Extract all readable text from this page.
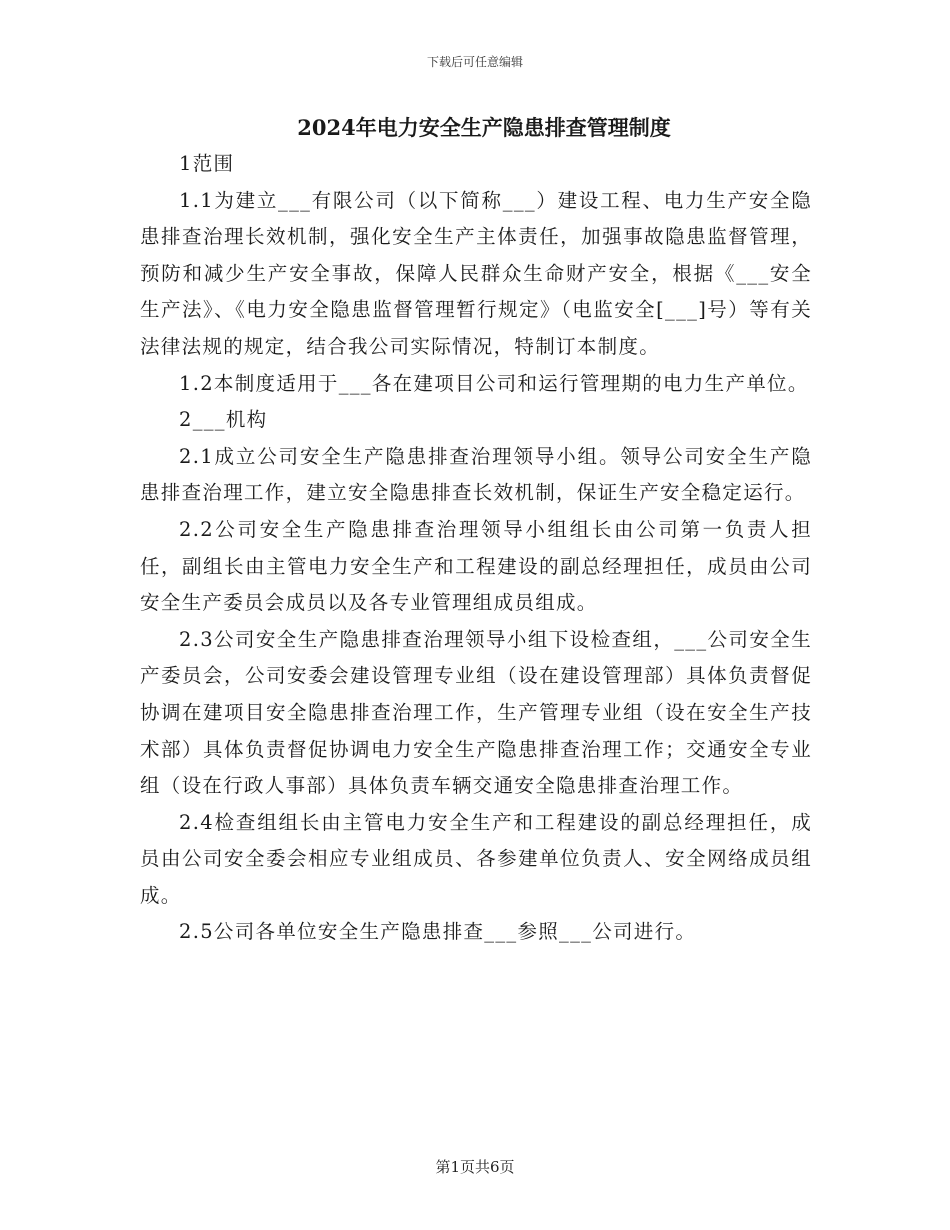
下载后可任意编辑
2024年电力安全生产隐患排查管理制度

1范围

1.1为建立___有限公司（以下简称___）建设工程、电力生产安全隐患排查治理长效机制，强化安全生产主体责任，加强事故隐患监督管理，预防和减少生产安全事故，保障人民群众生命财产安全，根据《___安全生产法》、《电力安全隐患监督管理暂行规定》（电监安全[___]号）等有关法律法规的规定，结合我公司实际情况，特制订本制度。

1.2本制度适用于___各在建项目公司和运行管理期的电力生产单位。

2___机构

2.1成立公司安全生产隐患排查治理领导小组。领导公司安全生产隐患排查治理工作，建立安全隐患排查长效机制，保证生产安全稳定运行。

2.2公司安全生产隐患排查治理领导小组组长由公司第一负责人担任，副组长由主管电力安全生产和工程建设的副总经理担任，成员由公司安全生产委员会成员以及各专业管理组成员组成。

2.3公司安全生产隐患排查治理领导小组下设检查组，___公司安全生产委员会，公司安委会建设管理专业组（设在建设管理部）具体负责督促协调在建项目安全隐患排查治理工作，生产管理专业组（设在安全生产技术部）具体负责督促协调电力安全生产隐患排查治理工作；交通安全专业组（设在行政人事部）具体负责车辆交通安全隐患排查治理工作。

2.4检查组组长由主管电力安全生产和工程建设的副总经理担任，成员由公司安全委会相应专业组成员、各参建单位负责人、安全网络成员组成。

2.5公司各单位安全生产隐患排查___参照___公司进行。

第1页共6页
